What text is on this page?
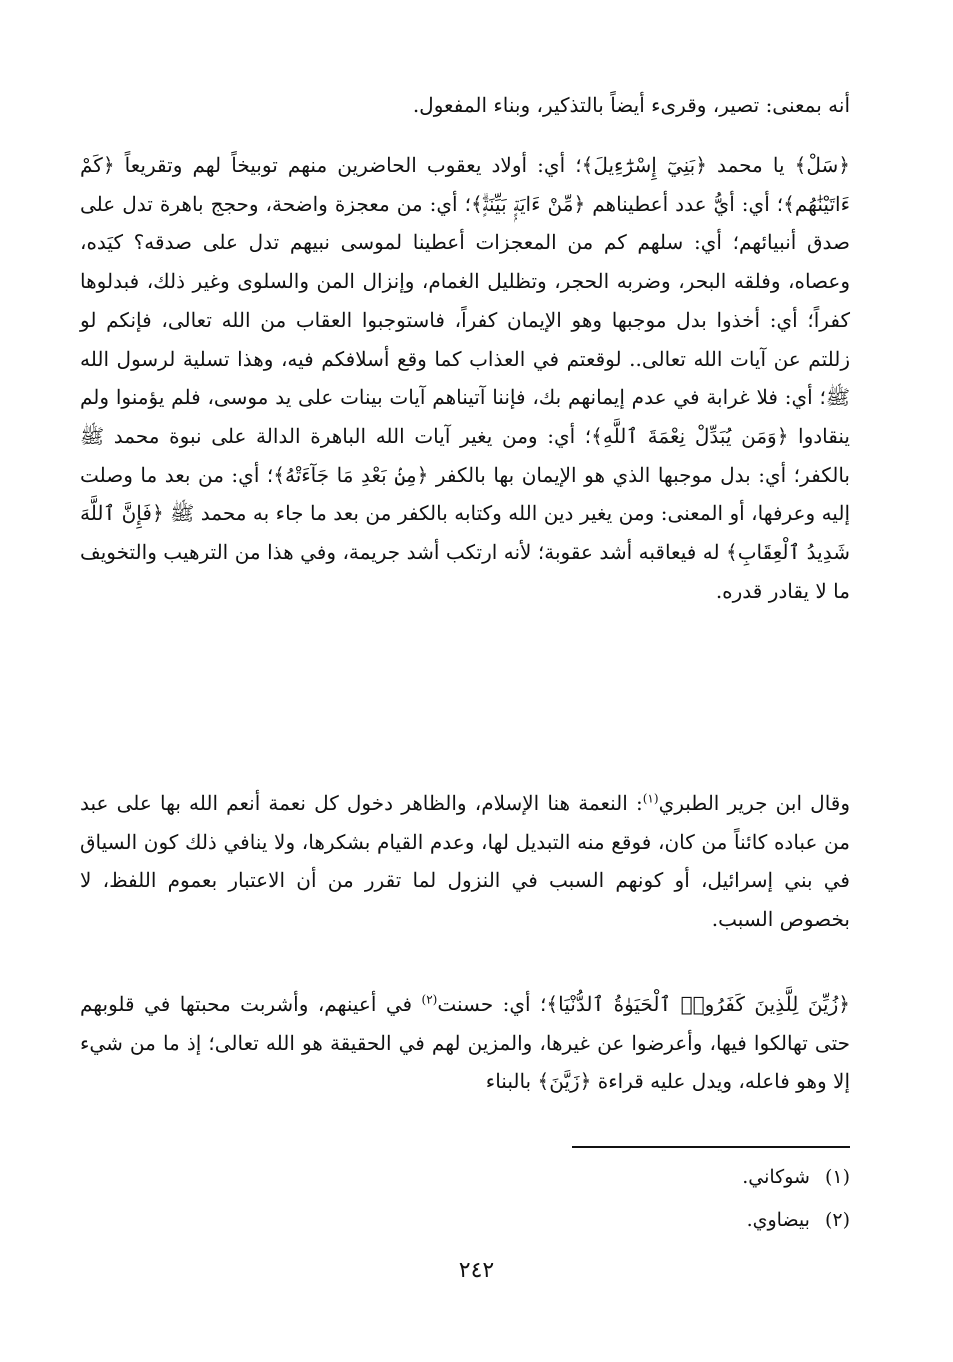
أنه بمعنى: تصير، وقرىء أيضاً بالتذكير، وبناء المفعول.

﴿سَلْ﴾ يا محمد ﴿بَنِيٓ إِسْرَٰٓءِيلَ﴾؛ أي: أولاد يعقوب الحاضرين منهم توبيخاً لهم وتقريعاً ﴿كَمْ ءَاتَيْنَٰهُم﴾؛ أي: أيُّ عدد أعطيناهم ﴿مِّنْ ءَايَةٍۭ بَيِّنَةٍۗ﴾؛ أي: من معجزة واضحة، وحجج باهرة تدل على صدق أنبيائهم؛ أي: سلهم كم من المعجزات أعطينا لموسى نبيهم تدل على صدقه؟ كيَده، وعصاه، وفلقه البحر، وضربه الحجر، وتظليل الغمام، وإنزال المن والسلوى وغير ذلك، فبدلوها كفراً؛ أي: أخذوا بدل موجبها وهو الإيمان كفراً، فاستوجبوا العقاب من الله تعالى، فإنكم لو زللتم عن آيات الله تعالى.. لوقعتم في العذاب كما وقع أسلافكم فيه، وهذا تسلية لرسول الله ﷺ؛ أي: فلا غرابة في عدم إيمانهم بك، فإننا آتيناهم آيات بينات على يد موسى، فلم يؤمنوا ولم ينقادوا ﴿وَمَن يُبَدِّلْ نِعْمَةَ ٱللَّهِ﴾؛ أي: ومن يغير آيات الله الباهرة الدالة على نبوة محمد ﷺ بالكفر؛ أي: بدل موجبها الذي هو الإيمان بها بالكفر ﴿مِنۢ بَعْدِ مَا جَآءَتْهُ﴾؛ أي: من بعد ما وصلت إليه وعرفها، أو المعنى: ومن يغير دين الله وكتابه بالكفر من بعد ما جاء به محمد ﷺ ﴿فَإِنَّ ٱللَّهَ شَدِيدُ ٱلْعِقَابِ﴾ له فيعاقبه أشد عقوبة؛ لأنه ارتكب أشد جريمة، وفي هذا من الترهيب والتخويف ما لا يقادر قدره.

وقال ابن جرير الطبري$^{(١)}$: النعمة هنا الإسلام، والظاهر دخول كل نعمة أنعم الله بها على عبد من عباده كائناً من كان، فوقع منه التبديل لها، وعدم القيام بشكرها، ولا ينافي ذلك كون السياق في بني إسرائيل، أو كونهم السبب في النزول لما تقرر من أن الاعتبار بعموم اللفظ، لا بخصوص السبب.

﴿زُيِّنَ لِلَّذِينَ كَفَرُوا۟ ٱلْحَيَوٰةُ ٱلدُّنْيَا﴾؛ أي: حسنت$^{(٢)}$ في أعينهم، وأشربت محبتها في قلوبهم حتى تهالكوا فيها، وأعرضوا عن غيرها، والمزين لهم في الحقيقة هو الله تعالى؛ إذ ما من شيء إلا وهو فاعله، ويدل عليه قراءة ﴿زَيَّنَ﴾ بالبناء

(١) شوكاني.
(٢) بيضاوي.
٢٤٢
